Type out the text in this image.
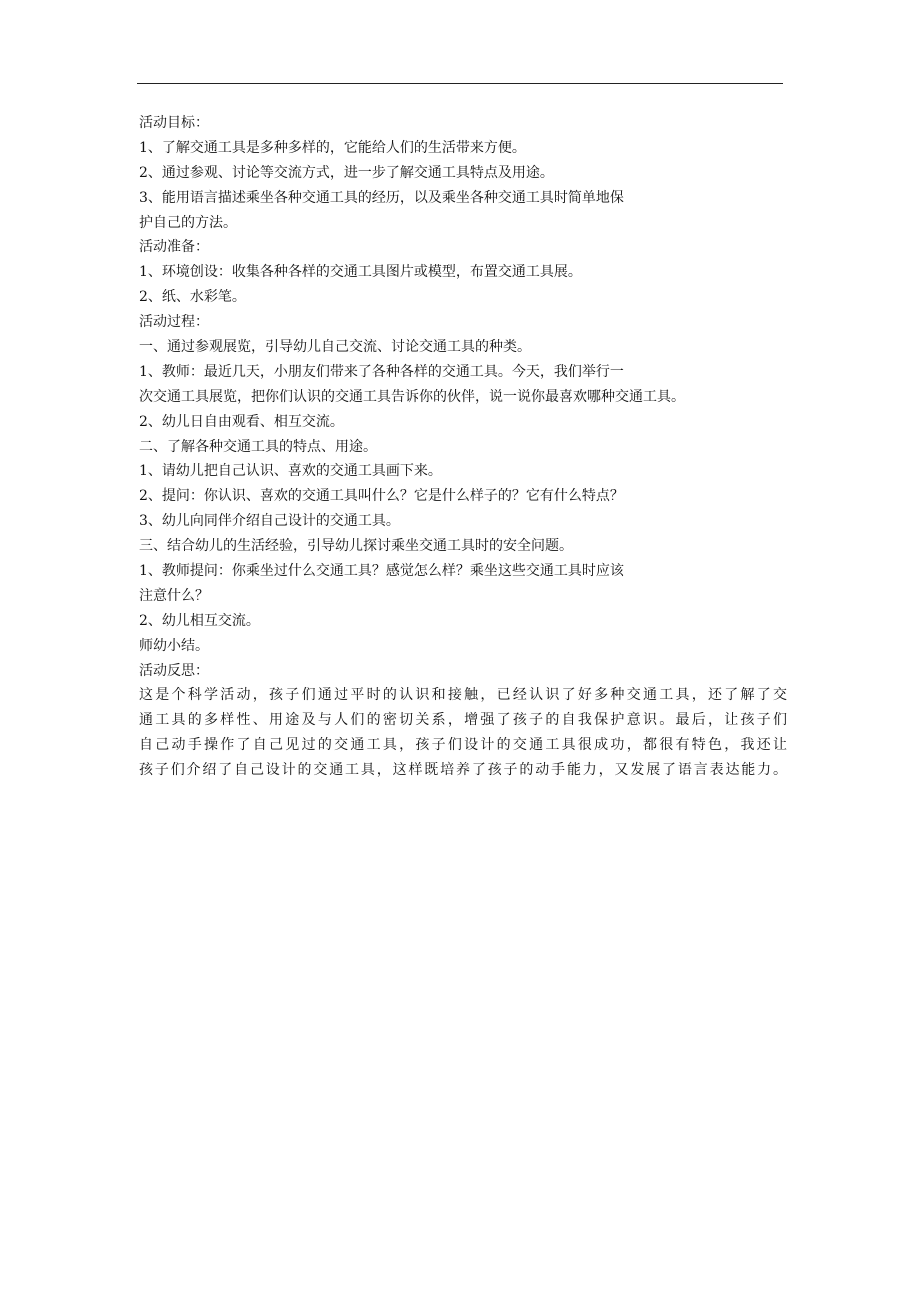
活动目标：
1、了解交通工具是多种多样的，它能给人们的生活带来方便。
2、通过参观、讨论等交流方式，进一步了解交通工具特点及用途。
3、能用语言描述乘坐各种交通工具的经历，以及乘坐各种交通工具时简单地保
护自己的方法。
活动准备：
1、环境创设：收集各种各样的交通工具图片或模型，布置交通工具展。
2、纸、水彩笔。
活动过程：
一、通过参观展览，引导幼儿自己交流、讨论交通工具的种类。
1、教师：最近几天，小朋友们带来了各种各样的交通工具。今天，我们举行一
次交通工具展览，把你们认识的交通工具告诉你的伙伴，说一说你最喜欢哪种交通工具。
2、幼儿日自由观看、相互交流。
二、了解各种交通工具的特点、用途。
1、请幼儿把自己认识、喜欢的交通工具画下来。
2、提问：你认识、喜欢的交通工具叫什么？它是什么样子的？它有什么特点？
3、幼儿向同伴介绍自己设计的交通工具。
三、结合幼儿的生活经验，引导幼儿探讨乘坐交通工具时的安全问题。
1、教师提问：你乘坐过什么交通工具？感觉怎么样？乘坐这些交通工具时应该
注意什么？
2、幼儿相互交流。
师幼小结。
活动反思：
这是个科学活动，孩子们通过平时的认识和接触，已经认识了好多种交通工具，还了解了交
通工具的多样性、用途及与人们的密切关系，增强了孩子的自我保护意识。最后，让孩子们
自己动手操作了自己见过的交通工具，孩子们设计的交通工具很成功，都很有特色，我还让
孩子们介绍了自己设计的交通工具，这样既培养了孩子的动手能力，又发展了语言表达能力。
